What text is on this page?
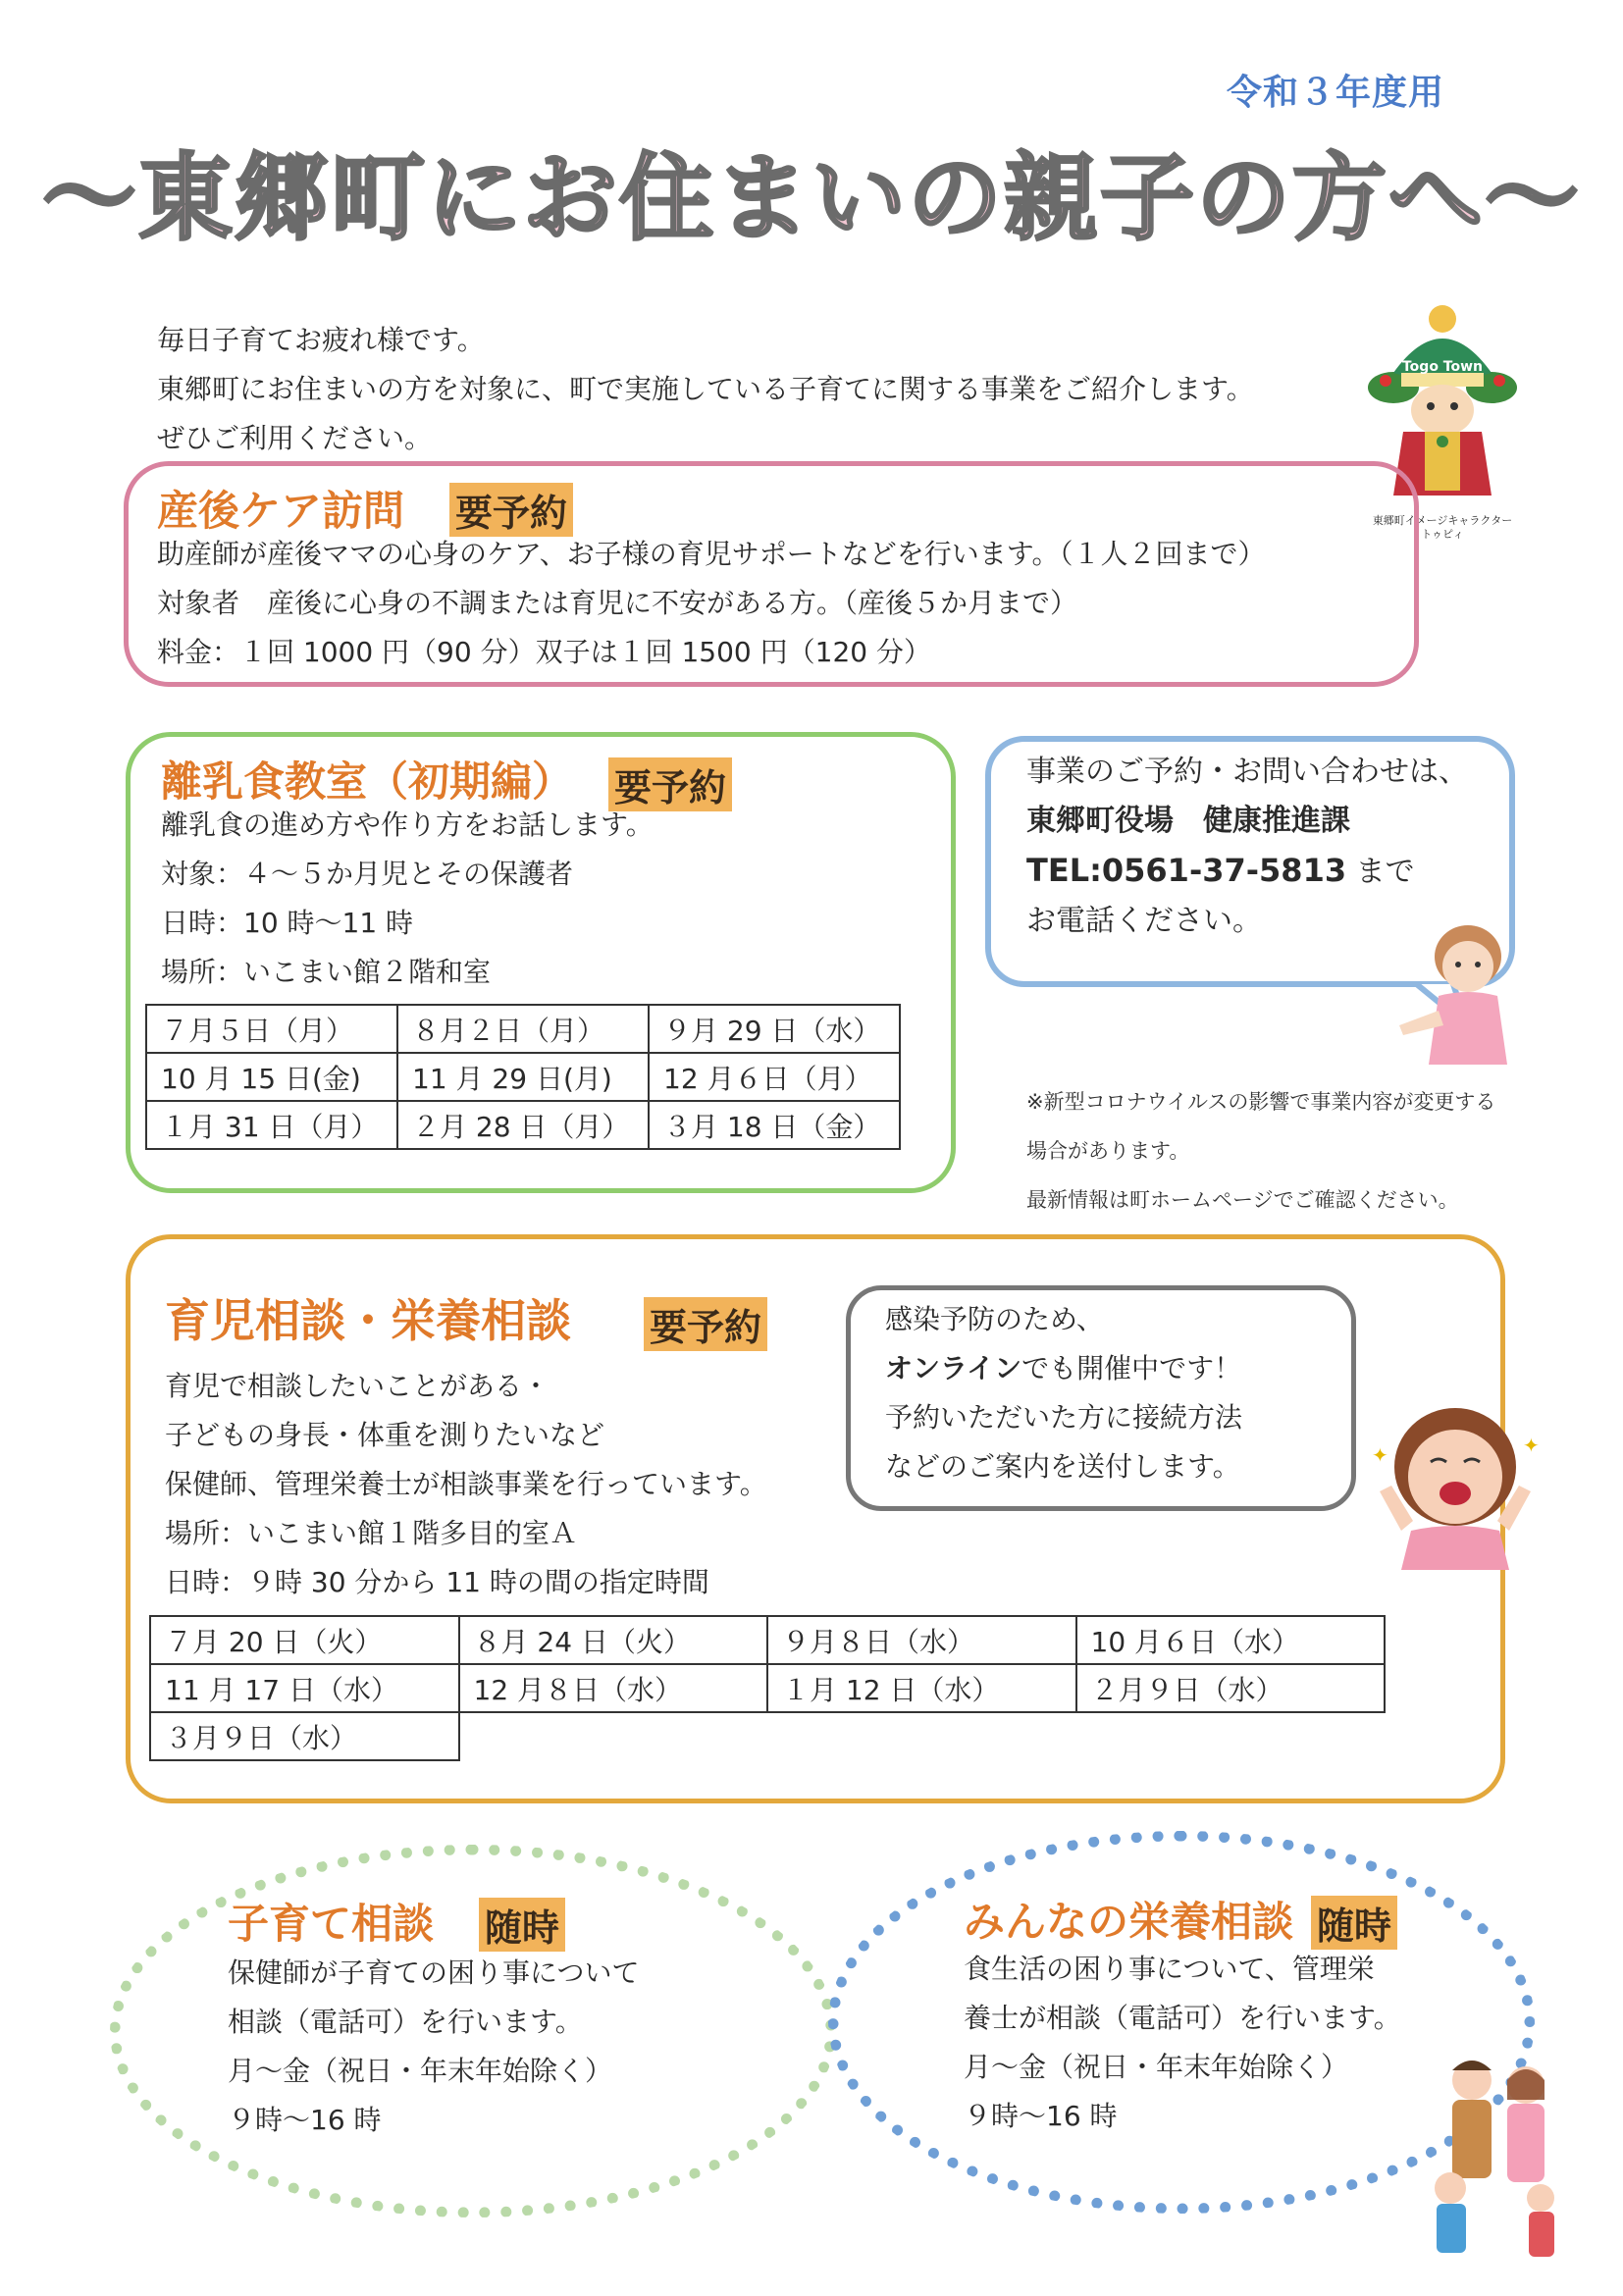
令和３年度用
～東郷町にお住まいの親子の方へ～
毎日子育てお疲れ様です。
東郷町にお住まいの方を対象に、町で実施している子育てに関する事業をご紹介します。
ぜひご利用ください。
Togo Town
東郷町イメージキャラクター
トゥピィ
産後ケア訪問 要予約
助産師が産後ママの心身のケア、お子様の育児サポートなどを行います。（１人２回まで）
対象者　産後に心身の不調または育児に不安がある方。（産後５か月まで）
料金：１回 1000 円（90 分）双子は１回 1500 円（120 分）
離乳食教室（初期編） 要予約
離乳食の進め方や作り方をお話します。
対象：４～５か月児とその保護者
日時：10 時～11 時
場所：いこまい館２階和室
７月５日（月）	８月２日（月）	９月 29 日（水）
10 月 15 日(金)	11 月 29 日(月)	12 月６日（月）
１月 31 日（月）	２月 28 日（月）	３月 18 日（金）
事業のご予約・お問い合わせは、
東郷町役場　健康推進課
TEL:0561-37-5813 まで
お電話ください。
※新型コロナウイルスの影響で事業内容が変更する
場合があります。
最新情報は町ホームページでご確認ください。
育児相談・栄養相談 要予約
育児で相談したいことがある・
子どもの身長・体重を測りたいなど
保健師、管理栄養士が相談事業を行っています。
場所：いこまい館１階多目的室Ａ
日時：９時 30 分から 11 時の間の指定時間
７月 20 日（火）	８月 24 日（火）	９月８日（水）	10 月６日（水）
11 月 17 日（水）	12 月８日（水）	１月 12 日（水）	２月９日（水）
３月９日（水）			
感染予防のため、
オンラインでも開催中です！
予約いただいた方に接続方法
などのご案内を送付します。	✦	✦
子育て相談 随時
保健師が子育ての困り事について
相談（電話可）を行います。
月～金（祝日・年末年始除く）
９時～16 時
みんなの栄養相談 随時
食生活の困り事について、管理栄
養士が相談（電話可）を行います。
月～金（祝日・年末年始除く）
９時～16 時
